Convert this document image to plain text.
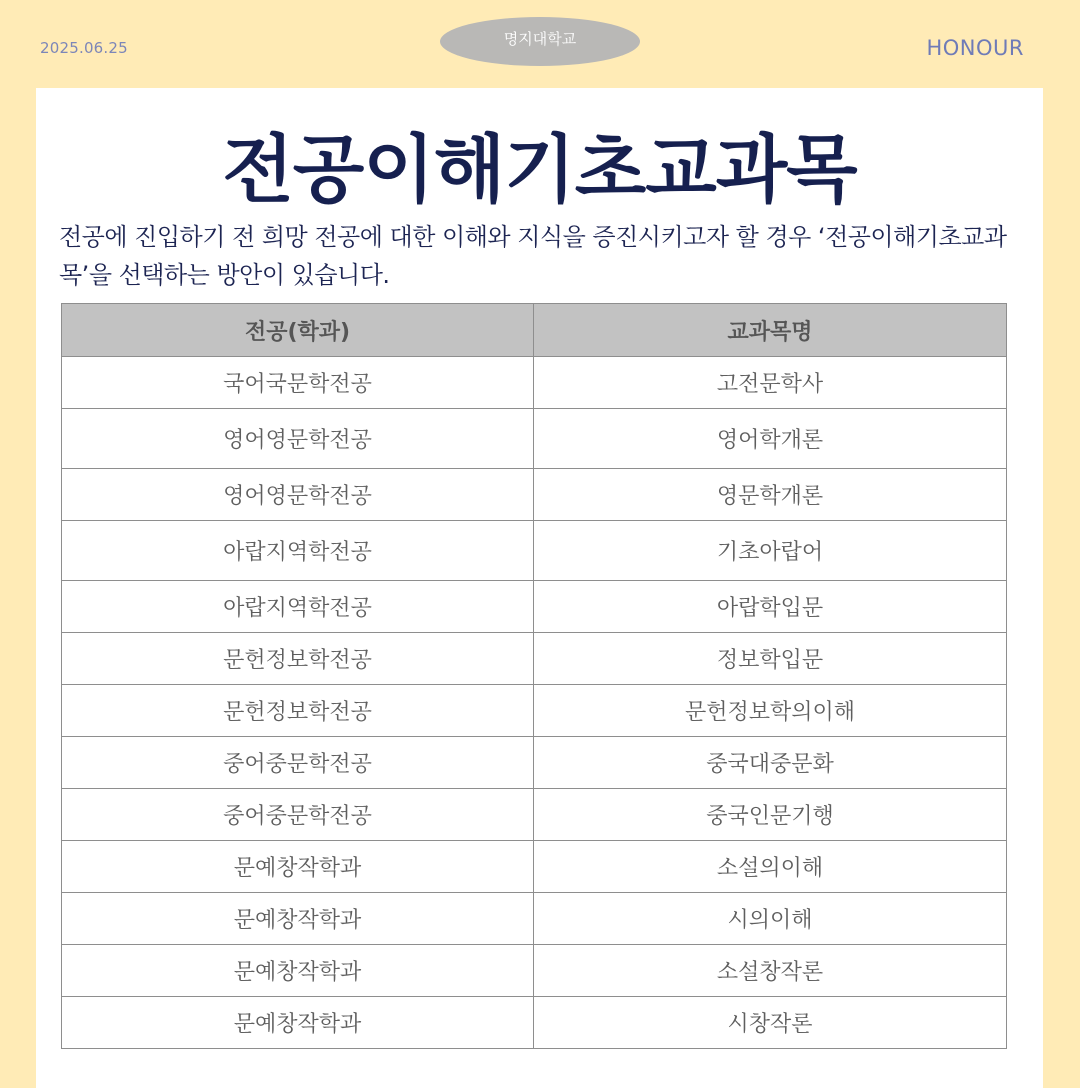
2025.06.25	명지대학교	HONOUR
전공이해기초교과목
전공에 진입하기 전 희망 전공에 대한 이해와 지식을 증진시키고자 할 경우 ‘전공이해기초교과목’을 선택하는 방안이 있습니다.
전공(학과)	교과목명
국어국문학전공	고전문학사
영어영문학전공	영어학개론
영어영문학전공	영문학개론
아랍지역학전공	기초아랍어
아랍지역학전공	아랍학입문
문헌정보학전공	정보학입문
문헌정보학전공	문헌정보학의이해
중어중문학전공	중국대중문화
중어중문학전공	중국인문기행
문예창작학과	소설의이해
문예창작학과	시의이해
문예창작학과	소설창작론
문예창작학과	시창작론
